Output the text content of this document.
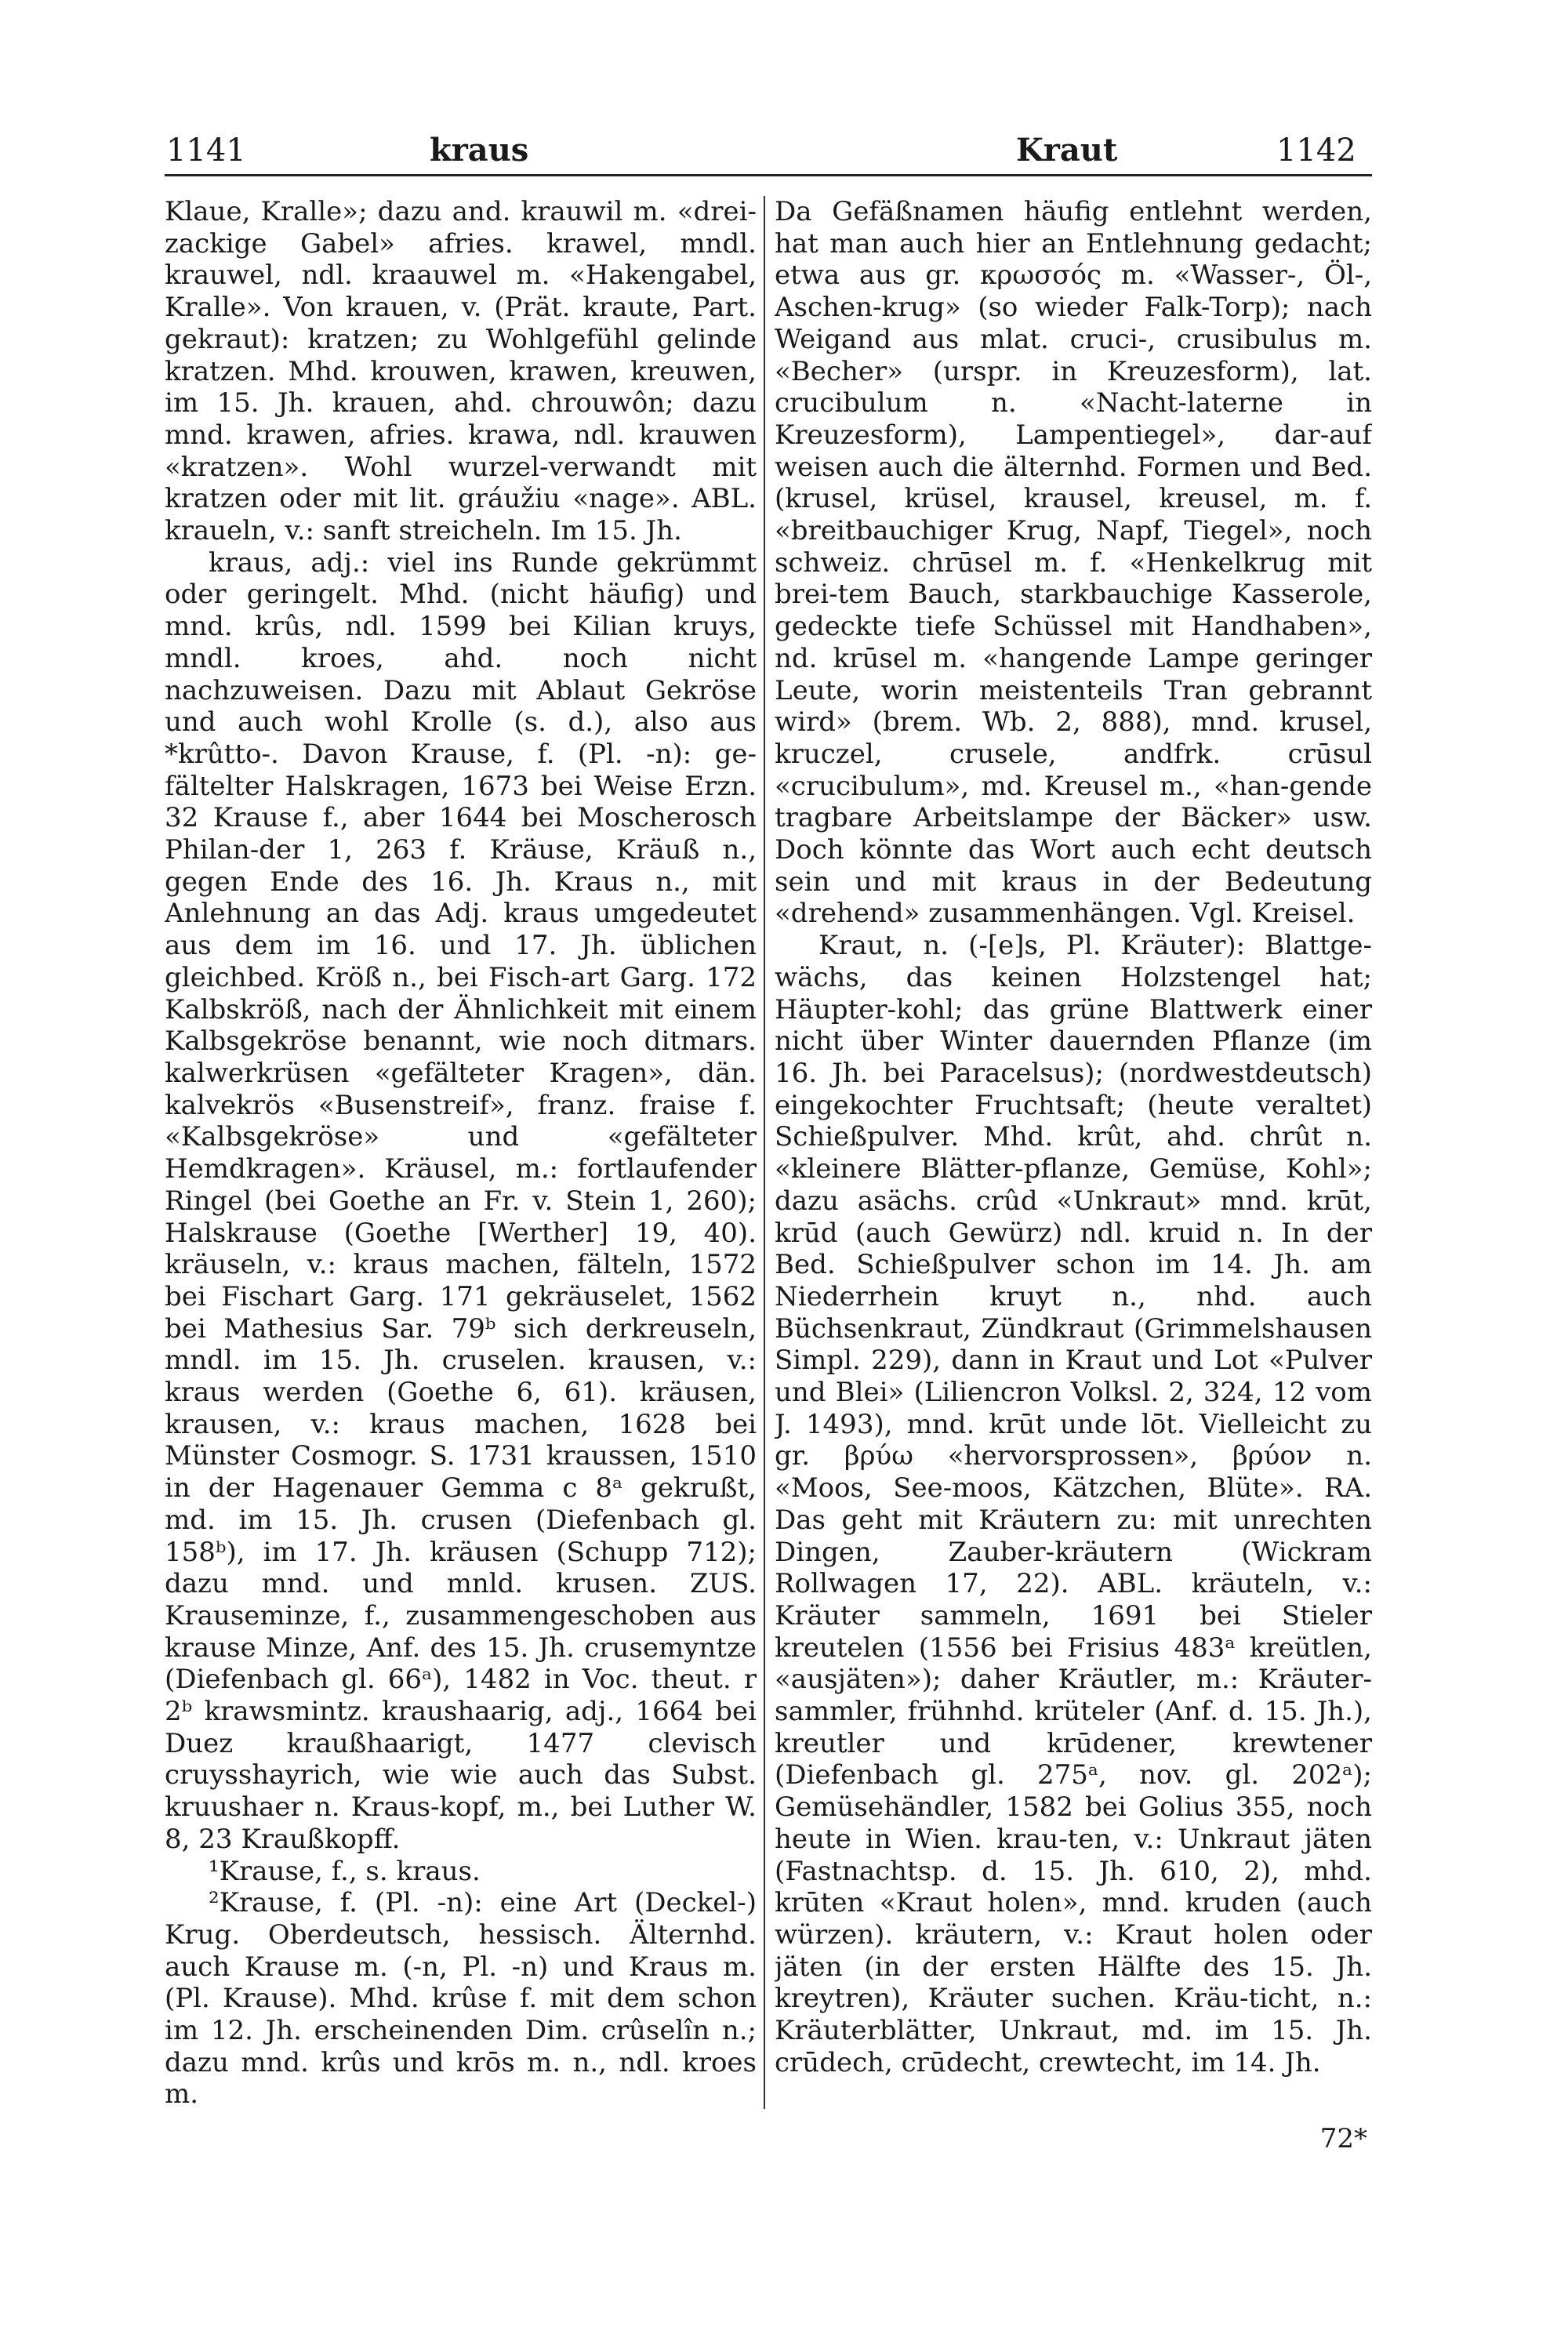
1141	kraus	Kraut	1142

Klaue, Kralle»; dazu and. krauwil m. «drei-zackige Gabel» afries. krawel, mndl. krauwel, ndl. kraauwel m. «Hakengabel, Kralle». Von krauen, v. (Prät. kraute, Part. gekraut): kratzen; zu Wohlgefühl gelinde kratzen. Mhd. krouwen, krawen, kreuwen, im 15. Jh. krauen, ahd. chrouwôn; dazu mnd. krawen, afries. krawa, ndl. krauwen «kratzen». Wohl wurzel-verwandt mit kratzen oder mit lit. gráužiu «nage». ABL. kraueln, v.: sanft streicheln. Im 15. Jh.

kraus, adj.: viel ins Runde gekrümmt oder geringelt. Mhd. (nicht häufig) und mnd. krûs, ndl. 1599 bei Kilian kruys, mndl. kroes, ahd. noch nicht nachzuweisen. Dazu mit Ablaut Gekröse und auch wohl Krolle (s. d.), also aus *krûtto-. Davon Krause, f. (Pl. -n): ge-fältelter Halskragen, 1673 bei Weise Erzn. 32 Krause f., aber 1644 bei Moscherosch Philan-der 1, 263 f. Kräuse, Kräuß n., gegen Ende des 16. Jh. Kraus n., mit Anlehnung an das Adj. kraus umgedeutet aus dem im 16. und 17. Jh. üblichen gleichbed. Kröß n., bei Fisch-art Garg. 172 Kalbskröß, nach der Ähnlichkeit mit einem Kalbsgekröse benannt, wie noch ditmars. kalwerkrüsen «gefälteter Kragen», dän. kalvekrös «Busenstreif», franz. fraise f. «Kalbsgekröse» und «gefälteter Hemdkragen». Kräusel, m.: fortlaufender Ringel (bei Goethe an Fr. v. Stein 1, 260); Halskrause (Goethe [Werther] 19, 40). kräuseln, v.: kraus machen, fälteln, 1572 bei Fischart Garg. 171 gekräuselet, 1562 bei Mathesius Sar. 79ᵇ sich derkreuseln, mndl. im 15. Jh. cruselen. krausen, v.: kraus werden (Goethe 6, 61). kräusen, krausen, v.: kraus machen, 1628 bei Münster Cosmogr. S. 1731 kraussen, 1510 in der Hagenauer Gemma c 8ᵃ gekrußt, md. im 15. Jh. crusen (Diefenbach gl. 158ᵇ), im 17. Jh. kräusen (Schupp 712); dazu mnd. und mnld. krusen. ZUS. Krauseminze, f., zusammengeschoben aus krause Minze, Anf. des 15. Jh. crusemyntze (Diefenbach gl. 66ᵃ), 1482 in Voc. theut. r 2ᵇ krawsmintz. kraushaarig, adj., 1664 bei Duez kraußhaarigt, 1477 clevisch cruysshayrich, wie wie auch das Subst. kruushaer n. Kraus-kopf, m., bei Luther W. 8, 23 Kraußkopff.

¹Krause, f., s. kraus.

²Krause, f. (Pl. -n): eine Art (Deckel-) Krug. Oberdeutsch, hessisch. Älternhd. auch Krause m. (-n, Pl. -n) und Kraus m. (Pl. Krause). Mhd. krûse f. mit dem schon im 12. Jh. erscheinenden Dim. crûselîn n.; dazu mnd. krûs und krōs m. n., ndl. kroes m.

Da Gefäßnamen häufig entlehnt werden, hat man auch hier an Entlehnung gedacht; etwa aus gr. κρωσσός m. «Wasser-, Öl-, Aschen-krug» (so wieder Falk-Torp); nach Weigand aus mlat. cruci-, crusibulus m. «Becher» (urspr. in Kreuzesform), lat. crucibulum n. «Nacht-laterne in Kreuzesform), Lampentiegel», dar-auf weisen auch die älternhd. Formen und Bed. (krusel, krüsel, krausel, kreusel, m. f. «breitbauchiger Krug, Napf, Tiegel», noch schweiz. chrūsel m. f. «Henkelkrug mit brei-tem Bauch, starkbauchige Kasserole, gedeckte tiefe Schüssel mit Handhaben», nd. krūsel m. «hangende Lampe geringer Leute, worin meistenteils Tran gebrannt wird» (brem. Wb. 2, 888), mnd. krusel, kruczel, crusele, andfrk. crūsul «crucibulum», md. Kreusel m., «han-gende tragbare Arbeitslampe der Bäcker» usw. Doch könnte das Wort auch echt deutsch sein und mit kraus in der Bedeutung «drehend» zusammenhängen. Vgl. Kreisel.

Kraut, n. (-[e]s, Pl. Kräuter): Blattge-wächs, das keinen Holzstengel hat; Häupter-kohl; das grüne Blattwerk einer nicht über Winter dauernden Pflanze (im 16. Jh. bei Paracelsus); (nordwestdeutsch) eingekochter Fruchtsaft; (heute veraltet) Schießpulver. Mhd. krût, ahd. chrût n. «kleinere Blätter-pflanze, Gemüse, Kohl»; dazu asächs. crûd «Unkraut» mnd. krūt, krūd (auch Gewürz) ndl. kruid n. In der Bed. Schießpulver schon im 14. Jh. am Niederrhein kruyt n., nhd. auch Büchsenkraut, Zündkraut (Grimmelshausen Simpl. 229), dann in Kraut und Lot «Pulver und Blei» (Liliencron Volksl. 2, 324, 12 vom J. 1493), mnd. krūt unde lōt. Vielleicht zu gr. βρύω «hervorsprossen», βρύον n. «Moos, See-moos, Kätzchen, Blüte». RA. Das geht mit Kräutern zu: mit unrechten Dingen, Zauber-kräutern (Wickram Rollwagen 17, 22). ABL. kräuteln, v.: Kräuter sammeln, 1691 bei Stieler kreutelen (1556 bei Frisius 483ᵃ kreütlen, «ausjäten»); daher Kräutler, m.: Kräuter-sammler, frühnhd. krüteler (Anf. d. 15. Jh.), kreutler und krūdener, krewtener (Diefenbach gl. 275ᵃ, nov. gl. 202ᵃ); Gemüsehändler, 1582 bei Golius 355, noch heute in Wien. krau-ten, v.: Unkraut jäten (Fastnachtsp. d. 15. Jh. 610, 2), mhd. krūten «Kraut holen», mnd. kruden (auch würzen). kräutern, v.: Kraut holen oder jäten (in der ersten Hälfte des 15. Jh. kreytren), Kräuter suchen. Kräu-ticht, n.: Kräuterblätter, Unkraut, md. im 15. Jh. crūdech, crūdecht, crewtecht, im 14. Jh.

72*
